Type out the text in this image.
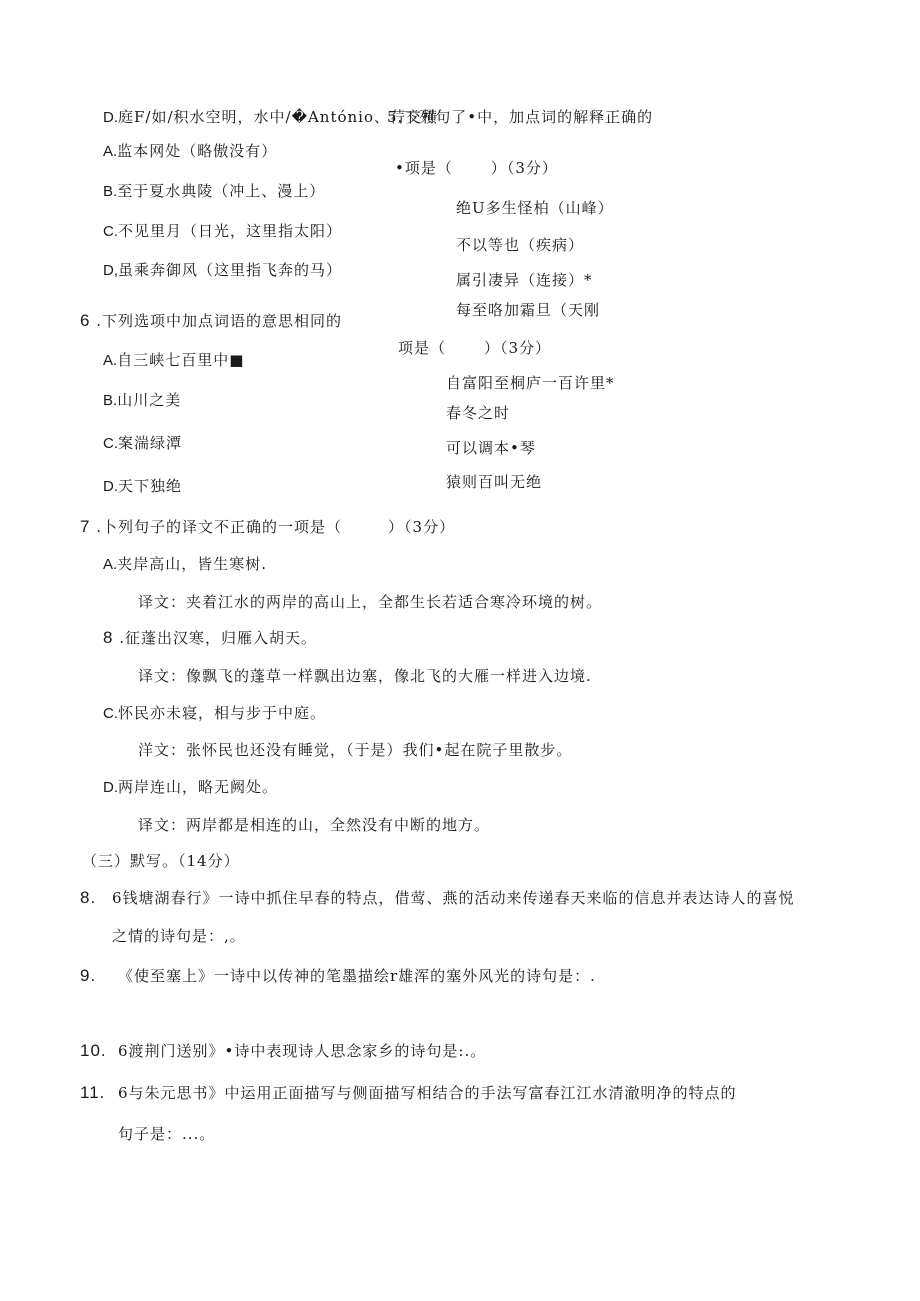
D.庭F/如/积水空明，水中/�António、荇交横
5.下列句了•中，加点词的解释正确的
A.监本网处（略傲没有）
B.至于夏水典陵（冲上、漫上）
C.不见里月（日光，这里指太阳）
D,虽乘奔御风（这里指飞奔的马）
•项是（	）（3分）
绝U多生怪柏（山峰）
不以等也（疾病）
属引凄异（连接）*
每至咯加霜旦（天刚
6 .下列选项中加点词语的意思相同的
项是（	）（3分）
A.自三峡七百里中■
自富阳至桐庐一百许里*
B.山川之美
春冬之时
C.案湍绿潭	可以调本•琴
猿则百叫无绝
D.天下独绝
7 .卜列句子的译文不正确的一项是（	）（3分）
A.夹岸高山，皆生寒树.
译文：夹着江水的两岸的高山上，全都生长若适合寒冷环境的树。
8 .征蓬出汉寒，归雁入胡天。
译文：像飘飞的蓬草一样飘出边塞，像北飞的大雁一样进入边境.
C.怀民亦未寝，相与步于中庭。
洋文：张怀民也还没有睡觉，（于是）我们•起在院子里散步。
D.两岸连山，略无阙处。
译文：两岸都是相连的山，全然没有中断的地方。
（三）默写。（14分）
8. 6钱塘湖春行》一诗中抓住早春的特点，借莺、燕的活动来传递春天来临的信息并表达诗人的喜悦
之情的诗句是：,。
9. 《使至塞上》一诗中以传神的笔墨描绘r雄浑的塞外风光的诗句是：.
10. 6渡荆门送别》•诗中表现诗人思念家乡的诗句是:.。
11. 6与朱元思书》中运用正面描写与侧面描写相结合的手法写富春江江水清澈明净的特点的
句子是：...。
